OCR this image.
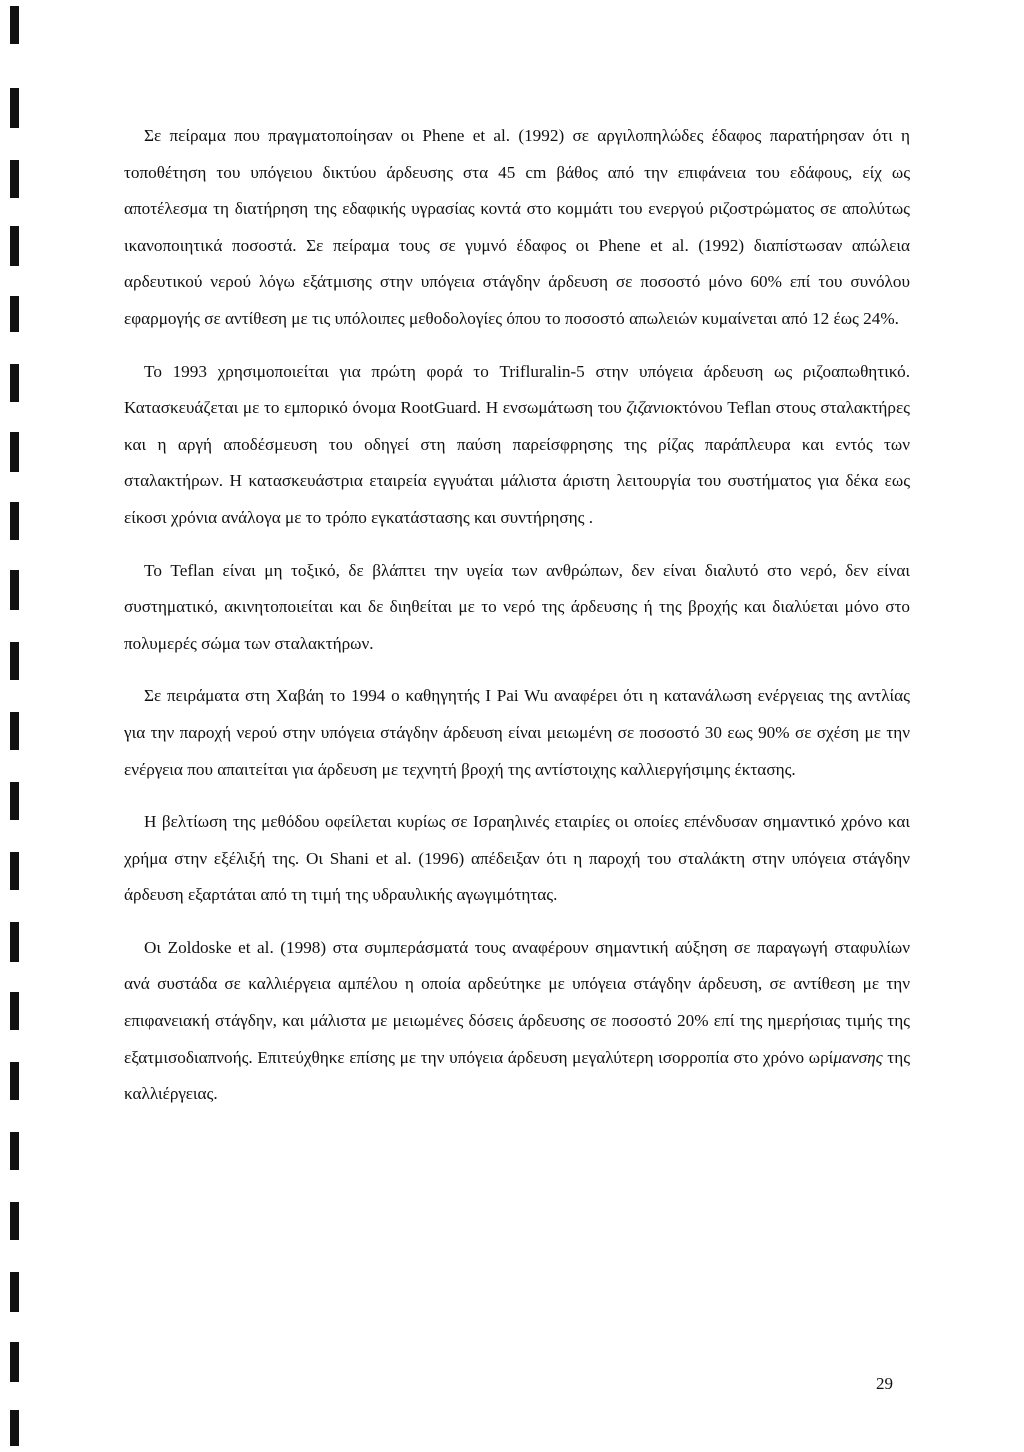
Σε πείραμα που πραγματοποίησαν οι Phene et al. (1992) σε αργιλοπηλώδες έδαφος παρατήρησαν ότι η τοποθέτηση του υπόγειου δικτύου άρδευσης στα 45 cm βάθος από την επιφάνεια του εδάφους, είχ ως αποτέλεσμα τη διατήρηση της εδαφικής υγρασίας κοντά στο κομμάτι του ενεργού ριζοστρώματος σε απολύτως ικανοποιητικά ποσοστά. Σε πείραμα τους σε γυμνό έδαφος οι Phene et al. (1992) διαπίστωσαν απώλεια αρδευτικού νερού λόγω εξάτμισης στην υπόγεια στάγδην άρδευση σε ποσοστό μόνο 60% επί του συνόλου εφαρμογής σε αντίθεση με τις υπόλοιπες μεθοδολογίες όπου το ποσοστό απωλειών κυμαίνεται από 12 έως 24%.

Το 1993 χρησιμοποιείται για πρώτη φορά το Trifluralin-5 στην υπόγεια άρδευση ως ριζοαπωθητικό. Κατασκευάζεται με το εμπορικό όνομα RootGuard. Η ενσωμάτωση του ζιζανιοκτόνου Teflan στους σταλακτήρες και η αργή αποδέσμευση του οδηγεί στη παύση παρείσφρησης της ρίζας παράπλευρα και εντός των σταλακτήρων. Η κατασκευάστρια εταιρεία εγγυάται μάλιστα άριστη λειτουργία του συστήματος για δέκα εως είκοσι χρόνια ανάλογα με το τρόπο εγκατάστασης και συντήρησης .

Το Teflan είναι μη τοξικό, δε βλάπτει την υγεία των ανθρώπων, δεν είναι διαλυτό στο νερό, δεν είναι συστηματικό, ακινητοποιείται και δε διηθείται με το νερό της άρδευσης ή της βροχής και διαλύεται μόνο στο πολυμερές σώμα των σταλακτήρων.

Σε πειράματα στη Χαβάη το 1994 ο καθηγητής I Pai Wu αναφέρει ότι η κατανάλωση ενέργειας της αντλίας για την παροχή νερού στην υπόγεια στάγδην άρδευση είναι μειωμένη σε ποσοστό 30 εως 90% σε σχέση με την ενέργεια που απαιτείται για άρδευση με τεχνητή βροχή της αντίστοιχης καλλιεργήσιμης έκτασης.

Η βελτίωση της μεθόδου οφείλεται κυρίως σε Ισραηλινές εταιρίες οι οποίες επένδυσαν σημαντικό χρόνο και χρήμα στην εξέλιξή της. Οι Shani et al. (1996) απέδειξαν ότι η παροχή του σταλάκτη στην υπόγεια στάγδην άρδευση εξαρτάται από τη τιμή της υδραυλικής αγωγιμότητας.

Οι Zoldoske et al. (1998) στα συμπεράσματά τους αναφέρουν σημαντική αύξηση σε παραγωγή σταφυλίων ανά συστάδα σε καλλιέργεια αμπέλου η οποία αρδεύτηκε με υπόγεια στάγδην άρδευση, σε αντίθεση με την επιφανειακή στάγδην, και μάλιστα με μειωμένες δόσεις άρδευσης σε ποσοστό 20% επί της ημερήσιας τιμής της εξατμισοδιαπνοής. Επιτεύχθηκε επίσης με την υπόγεια άρδευση μεγαλύτερη ισορροπία στο χρόνο ωρίμανσης της καλλιέργειας.

29
